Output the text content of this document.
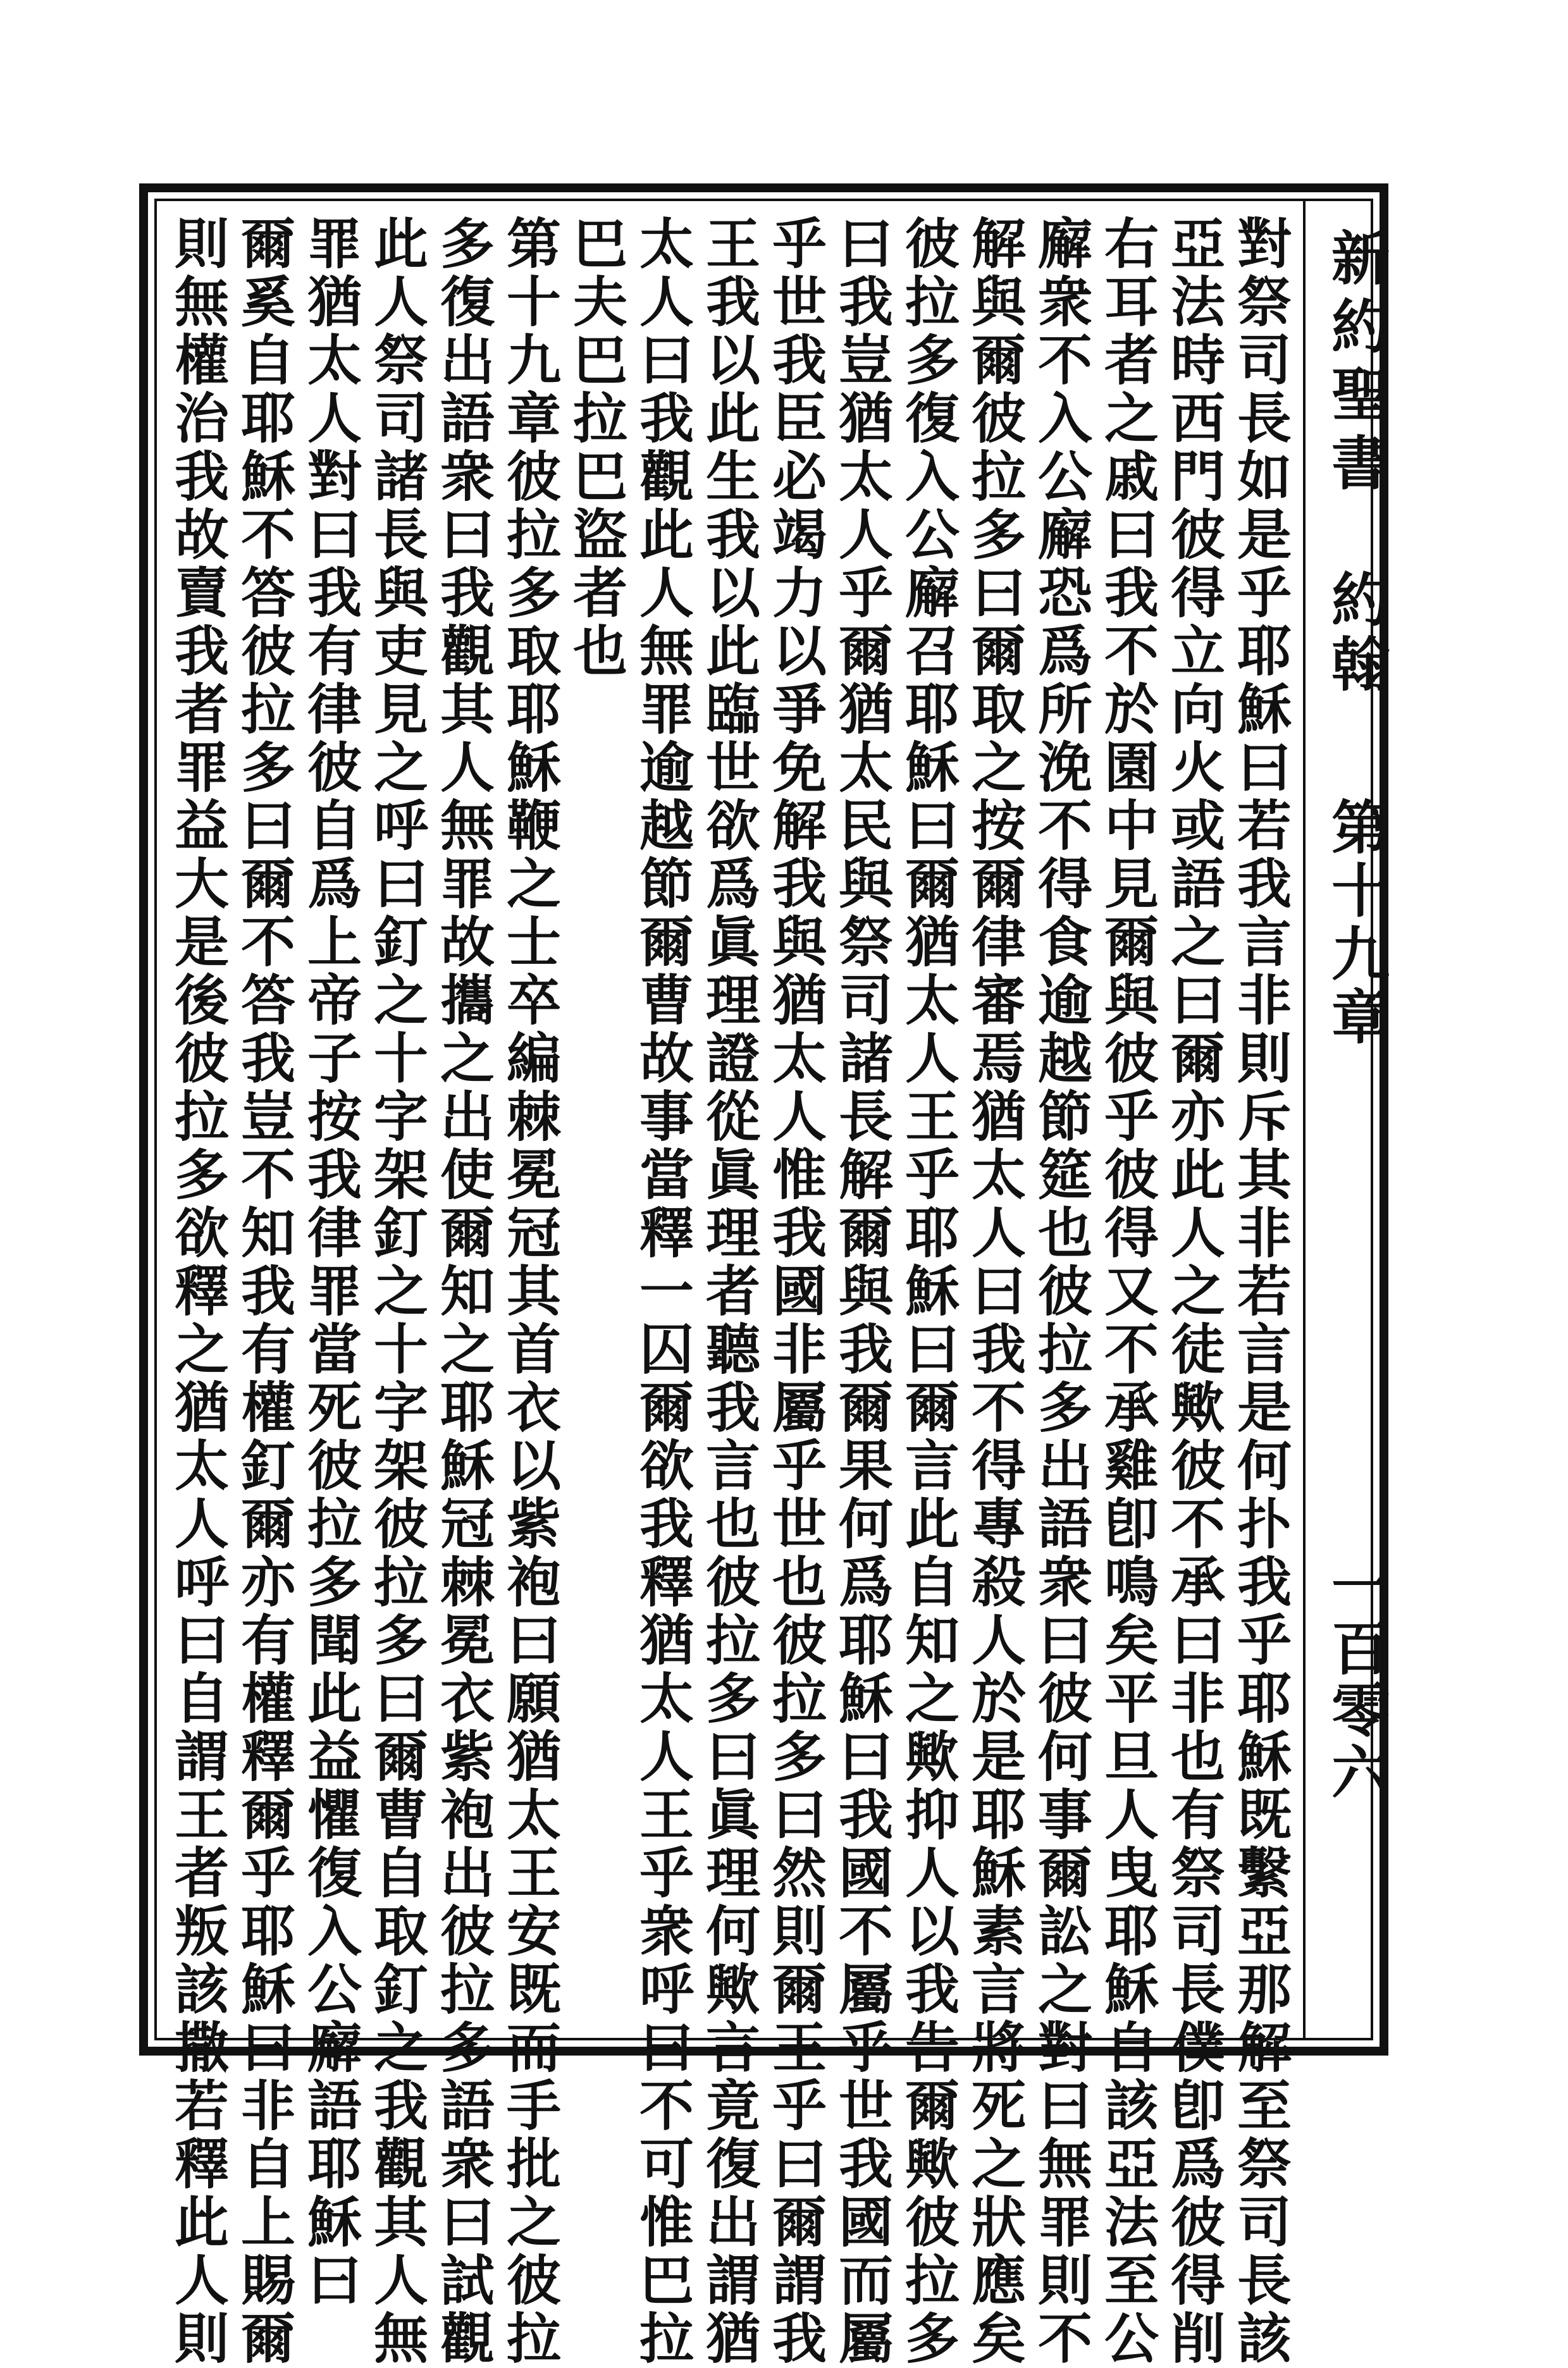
新約聖書
約翰
第十九章
一百零六
對祭司長如是乎耶穌曰若我言非則斥其非若言是何扑我乎耶穌既繫亞那解至祭司長該
亞法時西門彼得立向火或語之曰爾亦此人之徒歟彼不承曰非也有祭司長僕卽爲彼得削
右耳者之戚曰我不於園中見爾與彼乎彼得又不承雞卽鳴矣平旦人曳耶穌自該亞法至公
廨衆不入公廨恐爲所浼不得食逾越節筵也彼拉多出語衆曰彼何事爾訟之對曰無罪則不
解與爾彼拉多曰爾取之按爾律審焉猶太人曰我不得專殺人於是耶穌素言將死之狀應矣
彼拉多復入公廨召耶穌曰爾猶太人王乎耶穌曰爾言此自知之歟抑人以我告爾歟彼拉多
曰我豈猶太人乎爾猶太民與祭司諸長解爾與我爾果何爲耶穌曰我國不屬乎世我國而屬
乎世我臣必竭力以爭免解我與猶太人惟我國非屬乎世也彼拉多曰然則爾王乎曰爾謂我
王我以此生我以此臨世欲爲眞理證從眞理者聽我言也彼拉多曰眞理何歟言竟復出謂猶
太人曰我觀此人無罪逾越節爾曹故事當釋一囚爾欲我釋猶太人王乎衆呼曰不可惟巴拉
巴夫巴拉巴盜者也
第十九章彼拉多取耶穌鞭之士卒編棘冕冠其首衣以紫袍曰願猶太王安既而手批之彼拉
多復出語衆曰我觀其人無罪故攜之出使爾知之耶穌冠棘冕衣紫袍出彼拉多語衆曰試觀
此人祭司諸長與吏見之呼曰釘之十字架釘之十字架彼拉多曰爾曹自取釘之我觀其人無
罪猶太人對曰我有律彼自爲上帝子按我律罪當死彼拉多聞此益懼復入公廨語耶穌曰
爾奚自耶穌不答彼拉多曰爾不答我豈不知我有權釘爾亦有權釋爾乎耶穌曰非自上賜爾
則無權治我故賣我者罪益大是後彼拉多欲釋之猶太人呼曰自謂王者叛該撒若釋此人則
